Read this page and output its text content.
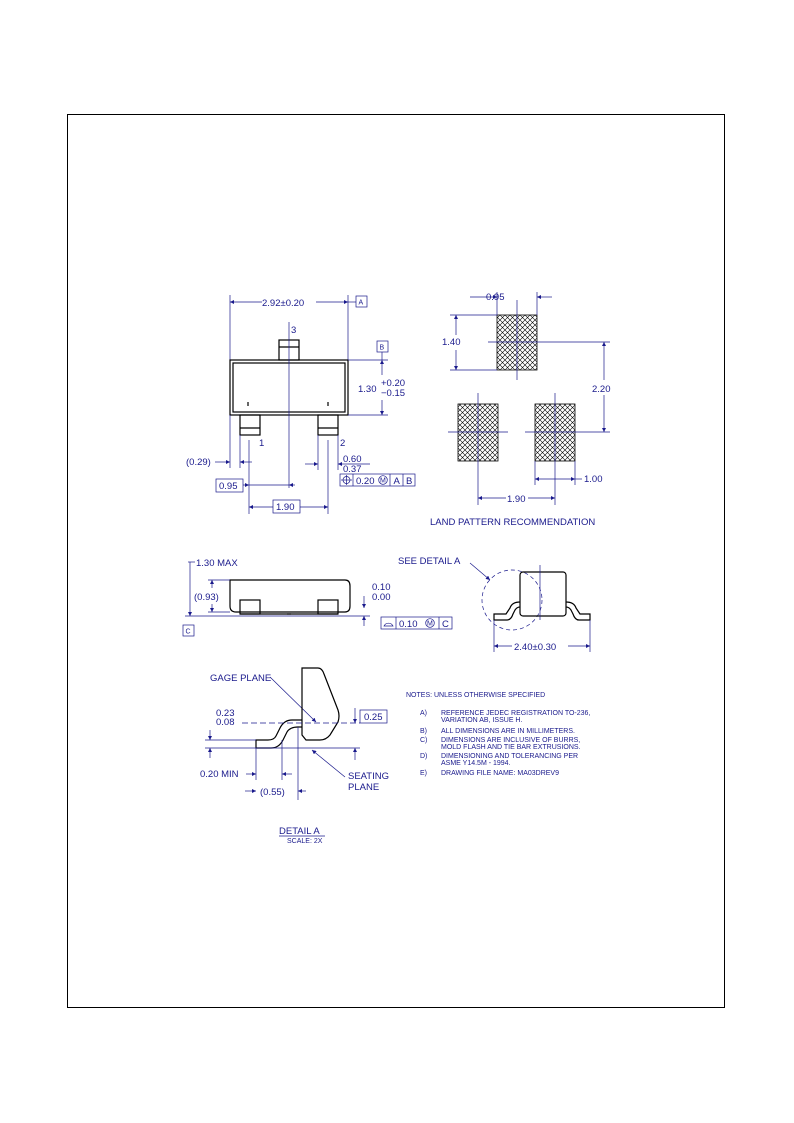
2.92±0.20	A
3
1	2
B
1.30
+0.20
−0.15
(0.29)
0.95
1.90
0.60
0.37
0.20 M A B
0.95
1.40
2.20
1.90
1.00
LAND PATTERN RECOMMENDATION
C
1.30 MAX
(0.93)
0.10
0.00
0.10 M C
SEE DETAIL A
2.40±0.30
GAGE PLANE
0.23
0.08	0.25
0.20 MIN
(0.55)
SEATING
PLANE
DETAIL A
SCALE: 2X
NOTES: UNLESS OTHERWISE SPECIFIED
A) REFERENCE JEDEC REGISTRATION TO-236,
VARIATION AB, ISSUE H.
B) ALL DIMENSIONS ARE IN MILLIMETERS.
C) DIMENSIONS ARE INCLUSIVE OF BURRS,
MOLD FLASH AND TIE BAR EXTRUSIONS.
D) DIMENSIONING AND TOLERANCING PER
ASME Y14.5M - 1994.
E) DRAWING FILE NAME: MA03DREV9
